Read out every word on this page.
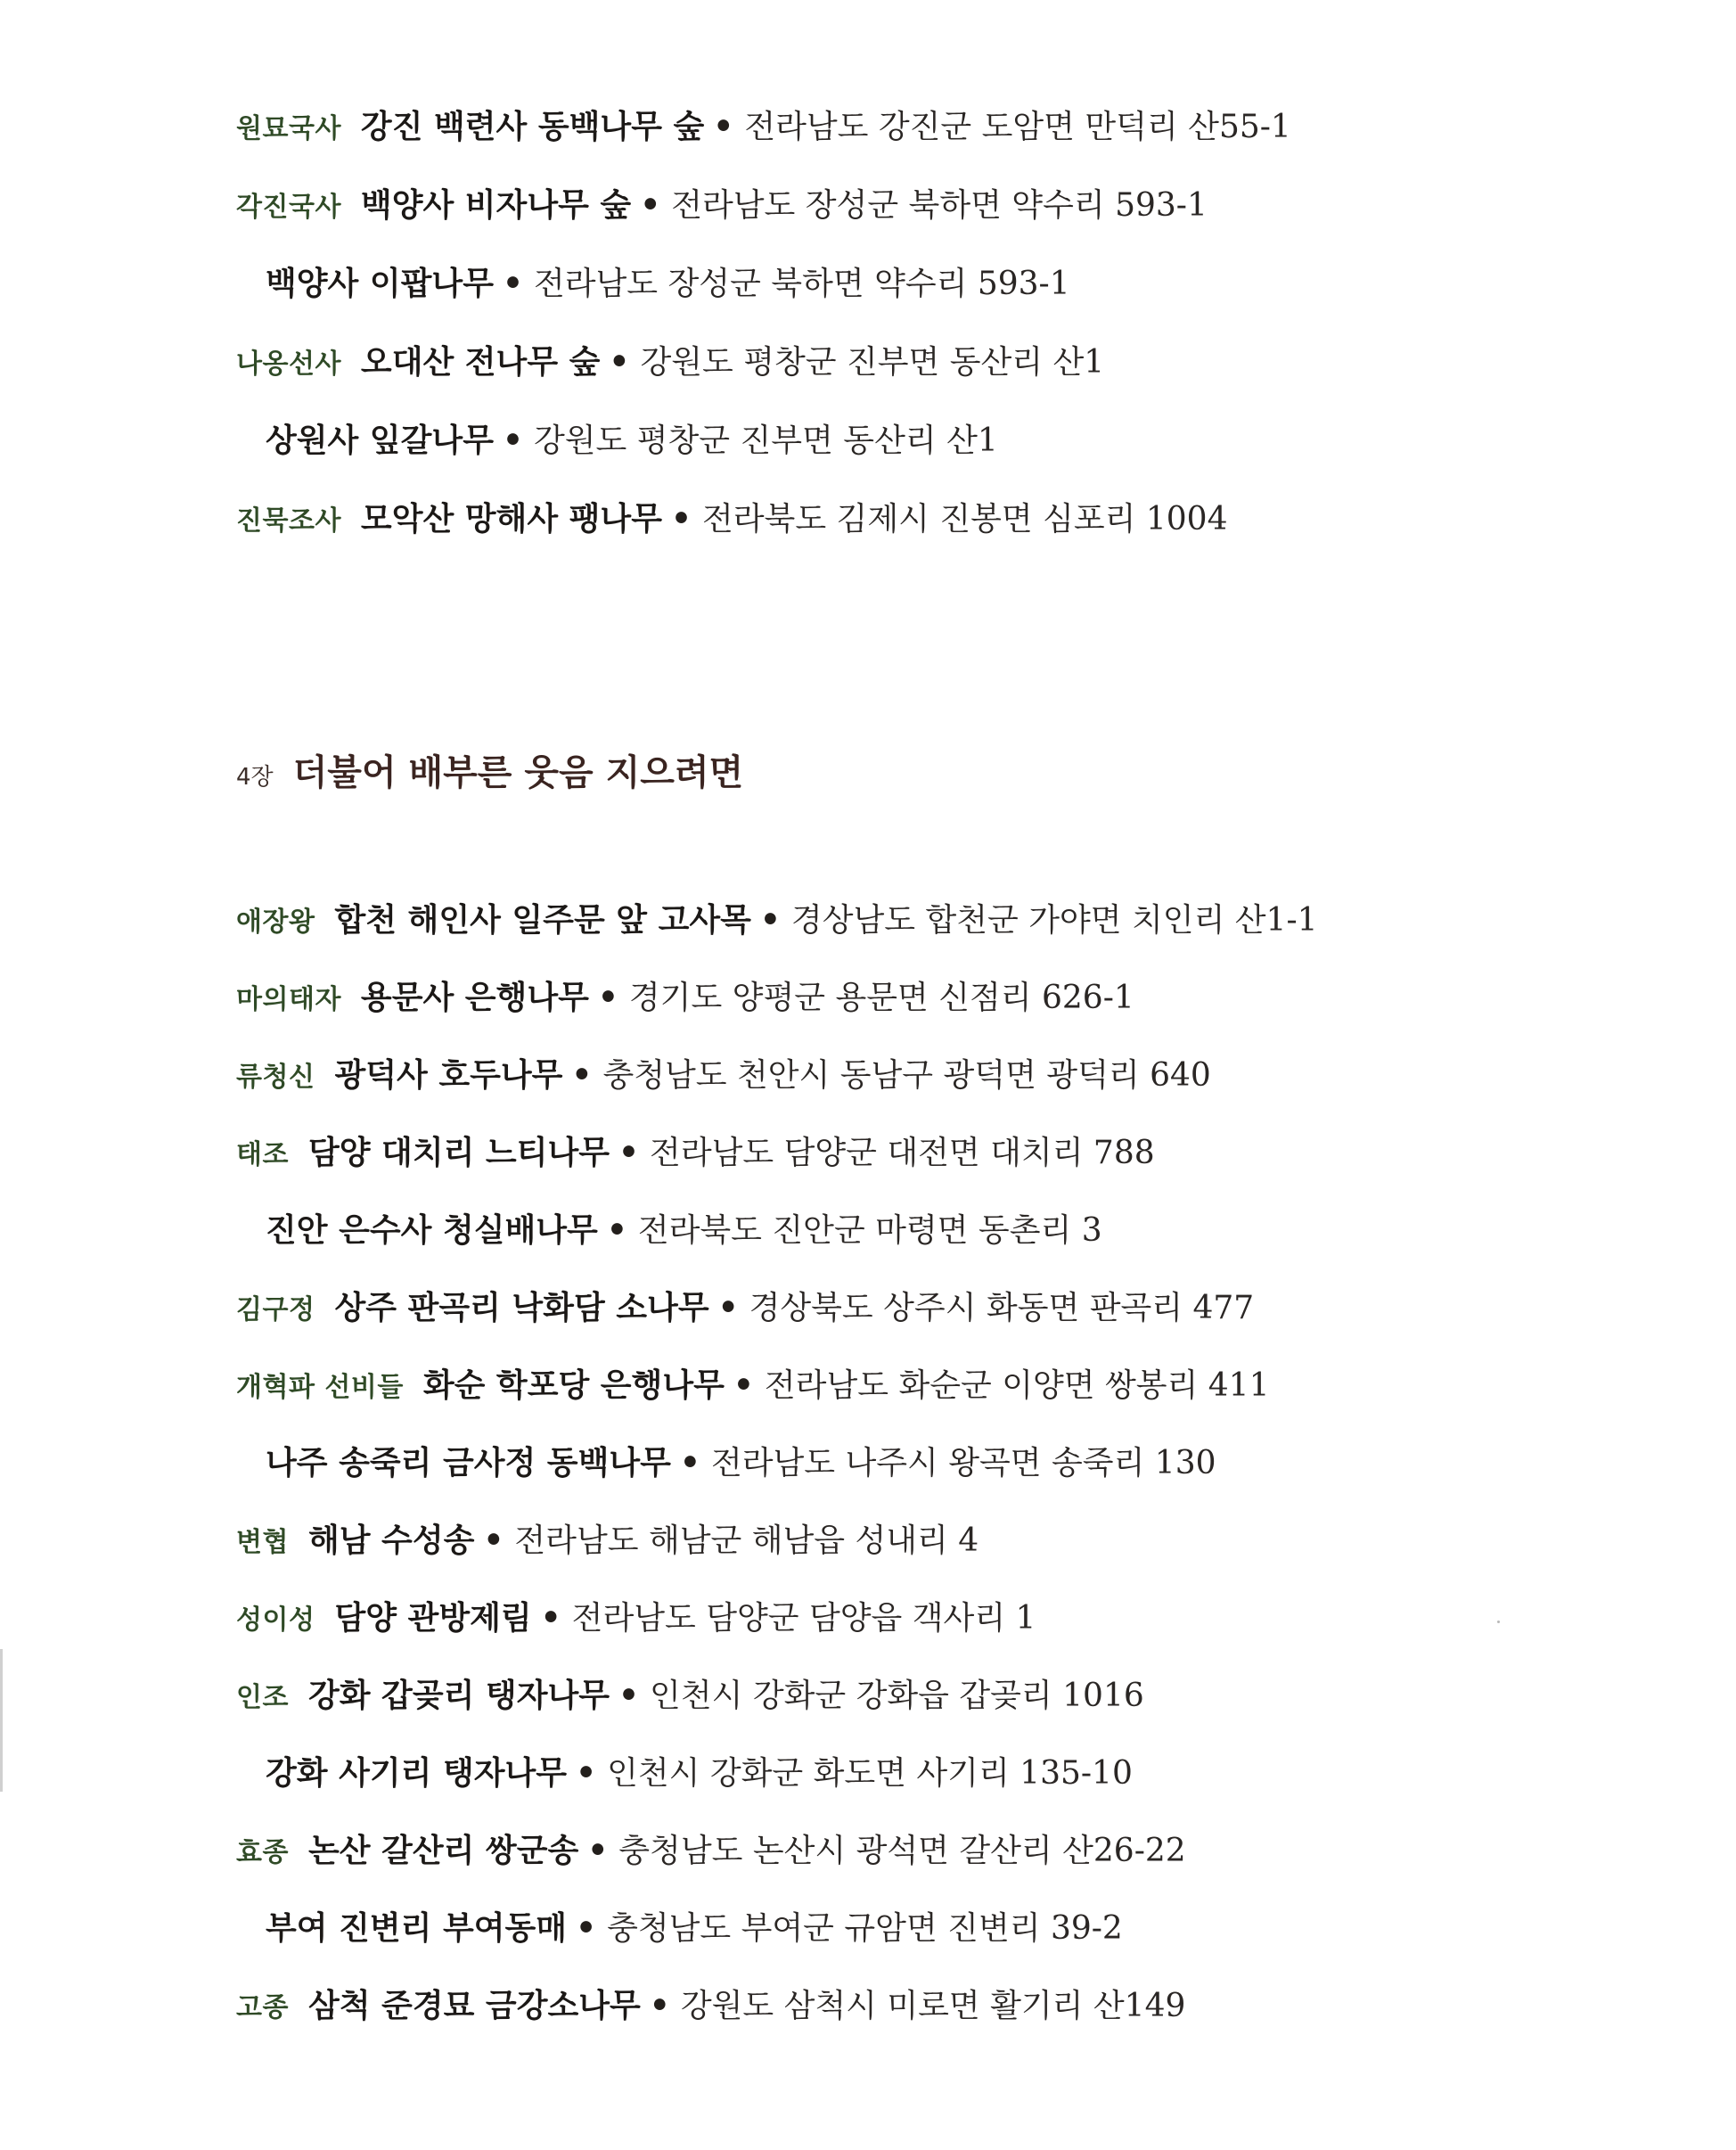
원묘국사 강진 백련사 동백나무 숲 • 전라남도 강진군 도암면 만덕리 산55-1
각진국사 백양사 비자나무 숲 • 전라남도 장성군 북하면 약수리 593-1
백양사 이팝나무 • 전라남도 장성군 북하면 약수리 593-1
나옹선사 오대산 전나무 숲 • 강원도 평창군 진부면 동산리 산1
상원사 잎갈나무 • 강원도 평창군 진부면 동산리 산1
진묵조사 모악산 망해사 팽나무 • 전라북도 김제시 진봉면 심포리 1004
4장 더불어 배부른 웃음 지으려면
애장왕 합천 해인사 일주문 앞 고사목 • 경상남도 합천군 가야면 치인리 산1-1
마의태자 용문사 은행나무 • 경기도 양평군 용문면 신점리 626-1
류청신 광덕사 호두나무 • 충청남도 천안시 동남구 광덕면 광덕리 640
태조 담양 대치리 느티나무 • 전라남도 담양군 대전면 대치리 788
진안 은수사 청실배나무 • 전라북도 진안군 마령면 동촌리 3
김구정 상주 판곡리 낙화담 소나무 • 경상북도 상주시 화동면 판곡리 477
개혁파 선비들 화순 학포당 은행나무 • 전라남도 화순군 이양면 쌍봉리 411
나주 송죽리 금사정 동백나무 • 전라남도 나주시 왕곡면 송죽리 130
변협 해남 수성송 • 전라남도 해남군 해남읍 성내리 4
성이성 담양 관방제림 • 전라남도 담양군 담양읍 객사리 1
인조 강화 갑곶리 탱자나무 • 인천시 강화군 강화읍 갑곶리 1016
강화 사기리 탱자나무 • 인천시 강화군 화도면 사기리 135-10
효종 논산 갈산리 쌍군송 • 충청남도 논산시 광석면 갈산리 산26-22
부여 진변리 부여동매 • 충청남도 부여군 규암면 진변리 39-2
고종 삼척 준경묘 금강소나무 • 강원도 삼척시 미로면 활기리 산149
